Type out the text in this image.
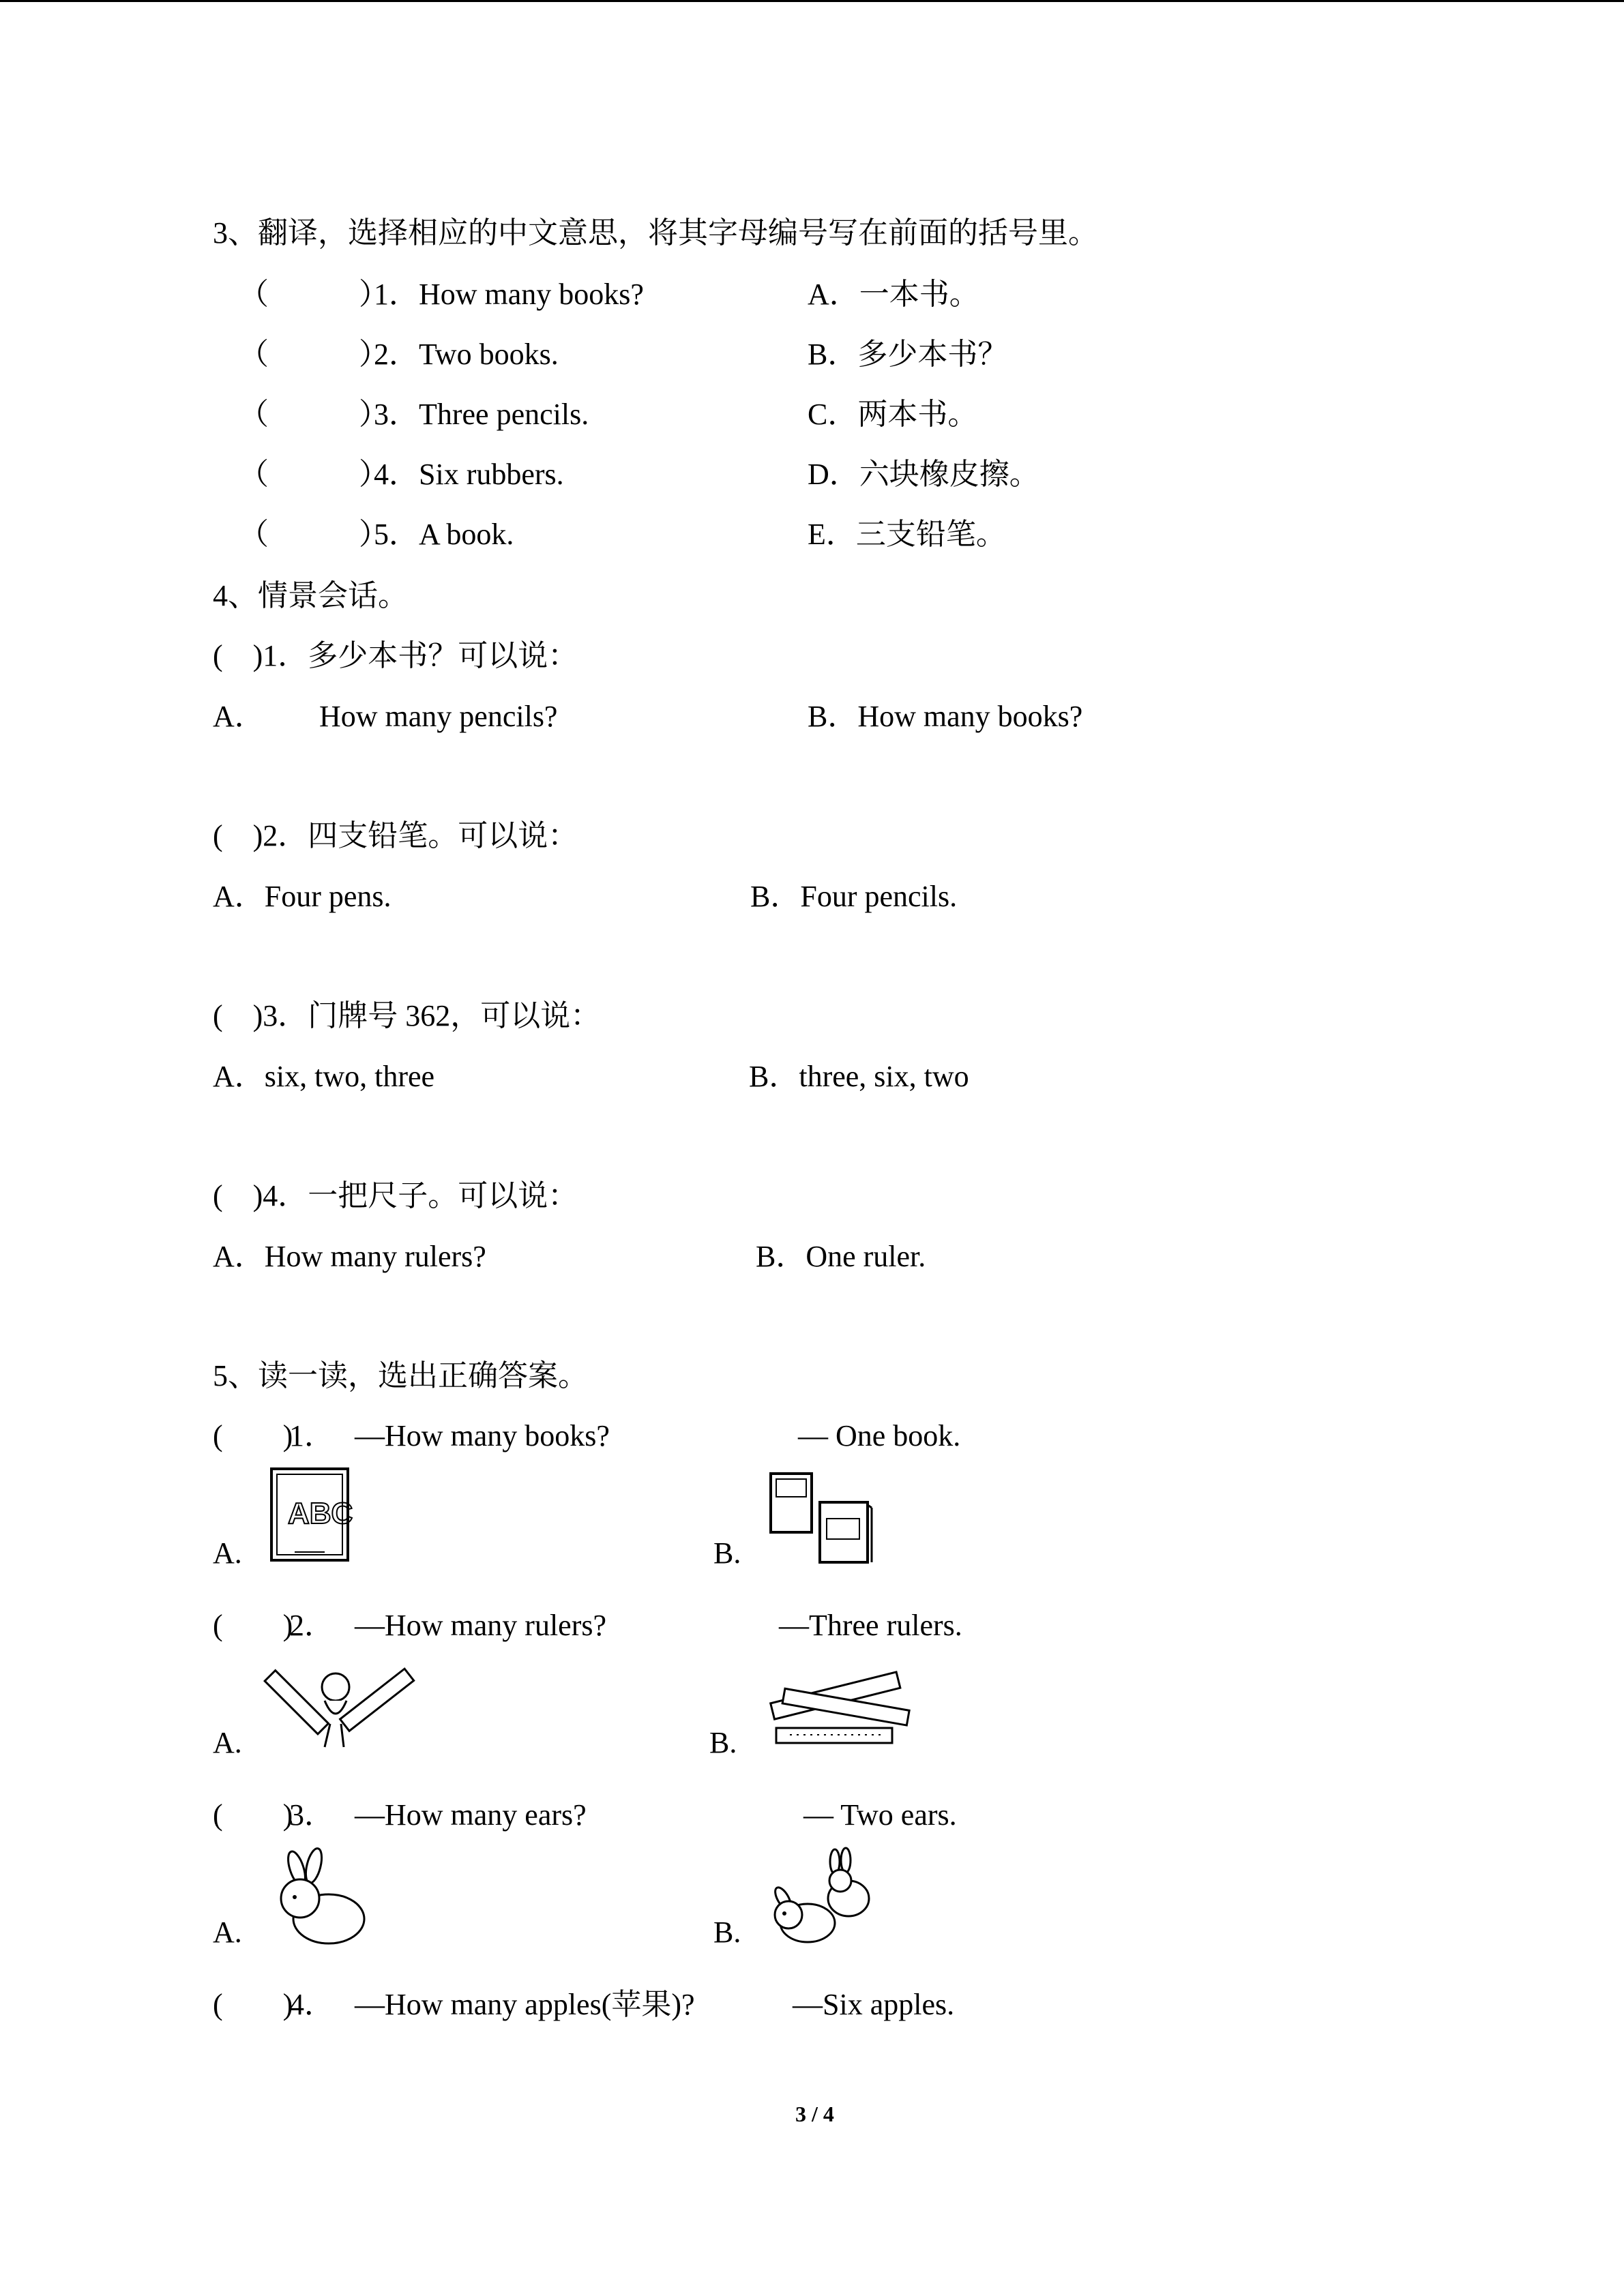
3、翻译，选择相应的中文意思，将其字母编号写在前面的括号里。
（　　　）
1．How many books?	A．一本书。
（　　　）
2．Two books.	B．多少本书？
（　　　）
3．Three pencils.	C．两本书。
（　　　）
4．Six rubbers.	D．六块橡皮擦。
（　　　）
5．A book.	E．三支铅笔。
4、情景会话。
(　)1．多少本书？可以说：
A． How many pencils?	B．How many books?
(　)2．四支铅笔。可以说：
A．Four pens.	B．Four pencils.
(　)3．门牌号 362，可以说：
A．six, two, three	B．three, six, two
(　)4．一把尺子。可以说：
A．How many rulers?	B．One ruler.
5、读一读，选出正确答案。
(　　)
1． —How many books?	— One book.
A.
ABC
B.
(　　)
2． —How many rulers?	—Three rulers.
A.	B.
(　　)
3． —How many ears?	— Two ears.
A.	B.
(　　)
4． —How many apples(苹果)?	—Six apples.
3 / 4
